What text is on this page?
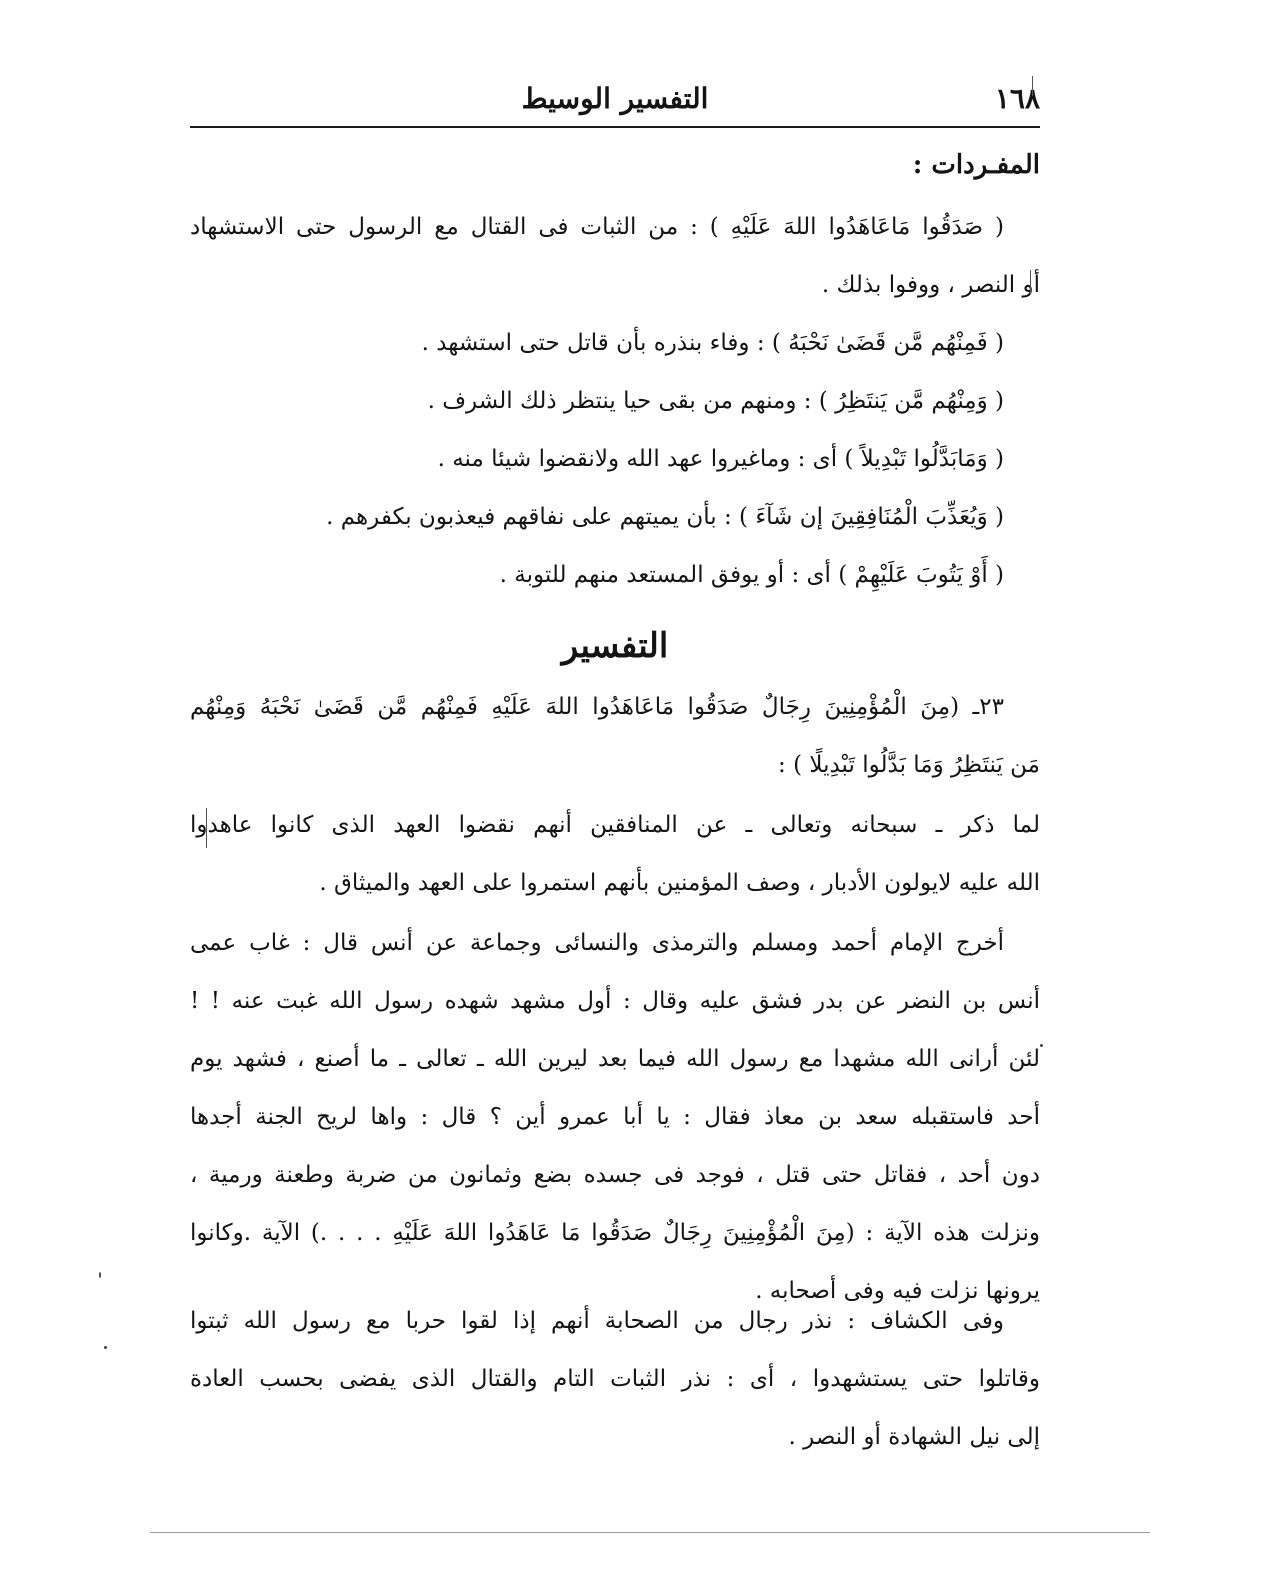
١٦٨
التفسير الوسيط
المفـردات :
( صَدَقُوا مَاعَاهَدُوا اللهَ عَلَيْهِ ) : من الثبات فى القتال مع الرسول حتى الاستشهاد
أو النصر ، ووفوا بذلك .
( فَمِنْهُم مَّن قَضَىٰ نَحْبَهُ ) : وفاء بنذره بأن قاتل حتى استشهد .
( وَمِنْهُم مَّن يَنتَظِرُ ) : ومنهم من بقى حيا ينتظر ذلك الشرف .
( وَمَابَدَّلُوا تَبْدِيلاً ) أى : وماغيروا عهد الله ولانقضوا شيئا منه .
( وَيُعَذِّبَ الْمُنَافِقِينَ إن شَآءَ ) : بأن يميتهم على نفاقهم فيعذبون بكفرهم .
( أَوْ يَتُوبَ عَلَيْهِمْ ) أى : أو يوفق المستعد منهم للتوبة .
التفسير
٢٣ـ (مِنَ الْمُؤْمِنِينَ رِجَالٌ صَدَقُوا مَاعَاهَدُوا اللهَ عَلَيْهِ فَمِنْهُم مَّن قَضَىٰ نَحْبَهُ وَمِنْهُم
مَن يَنتَظِرُ وَمَا بَدَّلُوا تَبْدِيلًا ) :
لما ذكر ـ سبحانه وتعالى ـ عن المنافقين أنهم نقضوا العهد الذى كانوا عاهدوا
الله عليه لايولون الأدبار ، وصف المؤمنين بأنهم استمروا على العهد والميثاق .
أخرج الإمام أحمد ومسلم والترمذى والنسائى وجماعة عن أنس قال : غاب عمى
أنس بن النضر عن بدر فشق عليه وقال : أول مشهد شهده رسول الله غبت عنه ! !
لئن أرانى الله مشهدا مع رسول الله فيما بعد ليرين الله ـ تعالى ـ ما أصنع ، فشهد يوم
أحد فاستقبله سعد بن معاذ فقال : يا أبا عمرو أين ؟ قال : واها لريح الجنة أجدها
دون أحد ، فقاتل حتى قتل ، فوجد فى جسده بضع وثمانون من ضربة وطعنة ورمية ،
ونزلت هذه الآية : (مِنَ الْمُؤْمِنِينَ رِجَالٌ صَدَقُوا مَا عَاهَدُوا اللهَ عَلَيْهِ . . . .) الآية .وكانوا
يرونها نزلت فيه وفى أصحابه .
وفى الكشاف : نذر رجال من الصحابة أنهم إذا لقوا حربا مع رسول الله ثبتوا
وقاتلوا حتى يستشهدوا ، أى : نذر الثبات التام والقتال الذى يفضى بحسب العادة
إلى نيل الشهادة أو النصر .
